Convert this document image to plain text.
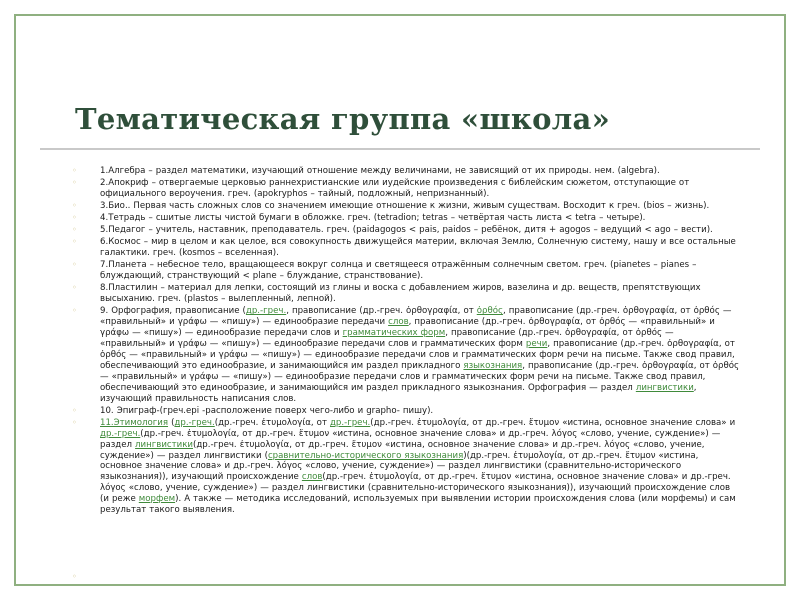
Тематическая группа «школа»
◦	1.Алгебра – раздел математики, изучающий отношение между величинами, не зависящий от их природы. нем. (algebra).
◦	2.Апокриф – отвергаемые церковью раннехристианские или иудейские произведения с библейским сюжетом, отступающие от официального вероучения. греч. (apokryphos – тайный, подложный, непризнанный).
◦	3.Био.. Первая часть сложных слов со значением имеющие отношение к жизни, живым существам. Восходит к греч. (bios – жизнь).
◦	4.Тетрадь – сшитые листы чистой бумаги в обложке. греч. (tetradion; tetras – четвёртая часть листа < tetra – четыре).
◦	5.Педагог – учитель, наставник, преподаватель. греч. (paidagogos < pais, paidos – ребёнок, дитя + agogos – ведущий < ago – вести).
◦	6.Космос – мир в целом и как целое, вся совокупность движущейся материи, включая Землю, Солнечную систему, нашу и все остальные галактики. греч. (kosmos – вселенная).
◦	7.Планета – небесное тело, вращающееся вокруг солнца и светящееся отражённым солнечным светом. греч. (pianetes – pianes – блуждающий, странствующий < plane – блуждание, странствование).
◦	8.Пластилин – материал для лепки, состоящий из глины и воска с добавлением жиров, вазелина и др. веществ, препятствующих высыханию. греч. (plastos – вылепленный, лепной).
◦	9. Орфография, правописание (др.-греч., правописание (др.-греч. ὀρθογραφία, от ὀρθός, правописание (др.-греч. ὀρθογραφία, от ὀρθός — «правильный» и γράφω — «пишу») — единообразие передачи слов, правописание (др.-греч. ὀρθογραφία, от ὀρθός — «правильный» и γράφω — «пишу») — единообразие передачи слов и грамматических форм, правописание (др.-греч. ὀρθογραφία, от ὀρθός — «правильный» и γράφω — «пишу») — единообразие передачи слов и грамматических форм речи, правописание (др.-греч. ὀρθογραφία, от ὀρθός — «правильный» и γράφω — «пишу») — единообразие передачи слов и грамматических форм речи на письме. Также свод правил, обеспечивающий это единообразие, и занимающийся им раздел прикладного языкознания, правописание (др.-греч. ὀρθογραφία, от ὀρθός — «правильный» и γράφω — «пишу») — единообразие передачи слов и грамматических форм речи на письме. Также свод правил, обеспечивающий это единообразие, и занимающийся им раздел прикладного языкознания. Орфография — раздел лингвистики, изучающий правильность написания слов.
◦	10. Эпиграф-(греч.epi -расположение поверх чего-либо и graрho- пишу).
◦	11.Этимология (др.-греч.(др.-греч. ἐτυμολογία, от др.-греч.(др.-греч. ἐτυμολογία, от др.-греч. ἔτυμον «истина, основное значение слова» и др.-греч.(др.-греч. ἐτυμολογία, от др.-греч. ἔτυμον «истина, основное значение слова» и др.-греч. λόγος «слово, учение, суждение») — раздел лингвистики(др.-греч. ἐτυμολογία, от др.-греч. ἔτυμον «истина, основное значение слова» и др.-греч. λόγος «слово, учение, суждение») — раздел лингвистики (сравнительно-исторического языкознания)(др.-греч. ἐτυμολογία, от др.-греч. ἔτυμον «истина, основное значение слова» и др.-греч. λόγος «слово, учение, суждение») — раздел лингвистики (сравнительно-исторического языкознания)), изучающий происхождение слов(др.-греч. ἐτυμολογία, от др.-греч. ἔτυμον «истина, основное значение слова» и др.-греч. λόγος «слово, учение, суждение») — раздел лингвистики (сравнительно-исторического языкознания)), изучающий происхождение слов (и реже морфем). А также — методика исследований, используемых при выявлении истории происхождения слова (или морфемы) и сам результат такого выявления.
◦
